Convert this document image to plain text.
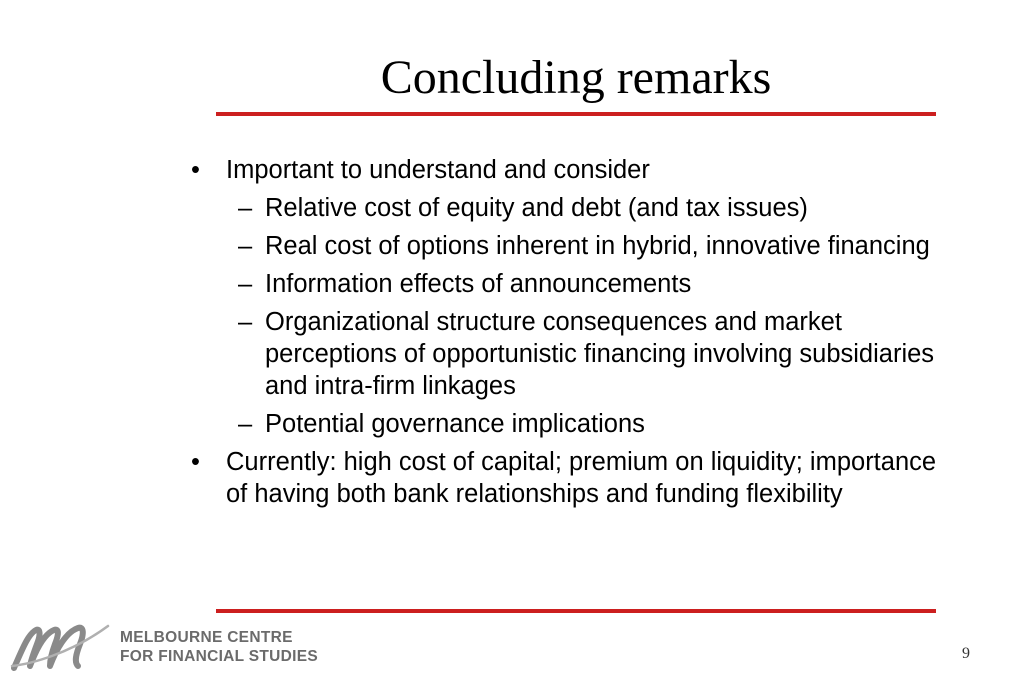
Concluding remarks
• Important to understand and consider
– Relative cost of equity and debt (and tax issues)
– Real cost of options inherent in hybrid, innovative financing
– Information effects of announcements
– Organizational structure consequences and market perceptions of opportunistic financing involving subsidiaries and intra-firm linkages
– Potential governance implications
• Currently: high cost of capital; premium on liquidity; importance of having both bank relationships and funding flexibility
MELBOURNE CENTRE
FOR FINANCIAL STUDIES	9
